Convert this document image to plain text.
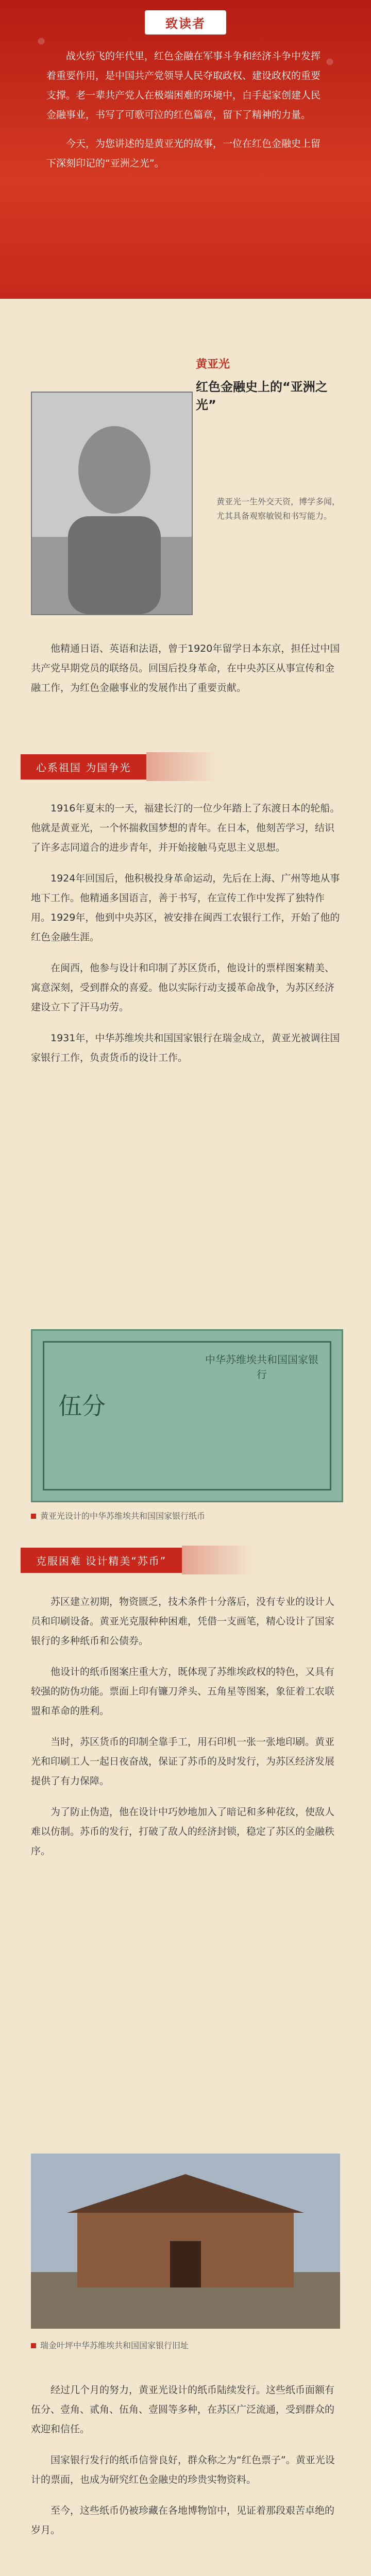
致读者

战火纷飞的年代里，红色金融在军事斗争和经济斗争中发挥着重要作用，是中国共产党领导人民夺取政权、建设政权的重要支撑。老一辈共产党人在极端困难的环境中，白手起家创建人民金融事业，书写了可歌可泣的红色篇章，留下了精神的力量。

今天，为您讲述的是黄亚光的故事，一位在红色金融史上留下深刻印记的“亚洲之光”。

黄亚光
红色金融史上的“亚洲之光”
黄亚光一生外交天资，博学多闻，尤其具备观察敏锐和书写能力。

他精通日语、英语和法语，曾于1920年留学日本东京，担任过中国共产党早期党员的联络员。回国后投身革命，在中央苏区从事宣传和金融工作，为红色金融事业的发展作出了重要贡献。

心系祖国 为国争光

1916年夏末的一天，福建长汀的一位少年踏上了东渡日本的轮船。他就是黄亚光，一个怀揣救国梦想的青年。在日本，他刻苦学习，结识了许多志同道合的进步青年，并开始接触马克思主义思想。

1924年回国后，他积极投身革命运动，先后在上海、广州等地从事地下工作。他精通多国语言，善于书写，在宣传工作中发挥了独特作用。1929年，他到中央苏区，被安排在闽西工农银行工作，开始了他的红色金融生涯。

在闽西，他参与设计和印制了苏区货币，他设计的票样图案精美、寓意深刻，受到群众的喜爱。他以实际行动支援革命战争，为苏区经济建设立下了汗马功劳。

1931年，中华苏维埃共和国国家银行在瑞金成立，黄亚光被调往国家银行工作，负责货币的设计工作。

伍分
中华苏维埃共和国国家银行
黄亚光设计的中华苏维埃共和国国家银行纸币
克服困难 设计精美“苏币”

苏区建立初期，物资匮乏，技术条件十分落后，没有专业的设计人员和印刷设备。黄亚光克服种种困难，凭借一支画笔，精心设计了国家银行的多种纸币和公债券。

他设计的纸币图案庄重大方，既体现了苏维埃政权的特色，又具有较强的防伪功能。票面上印有镰刀斧头、五角星等图案，象征着工农联盟和革命的胜利。

当时，苏区货币的印制全靠手工，用石印机一张一张地印刷。黄亚光和印刷工人一起日夜奋战，保证了苏币的及时发行，为苏区经济发展提供了有力保障。

为了防止伪造，他在设计中巧妙地加入了暗记和多种花纹，使敌人难以仿制。苏币的发行，打破了敌人的经济封锁，稳定了苏区的金融秩序。

瑞金叶坪中华苏维埃共和国国家银行旧址

经过几个月的努力，黄亚光设计的纸币陆续发行。这些纸币面额有伍分、壹角、贰角、伍角、壹圆等多种，在苏区广泛流通，受到群众的欢迎和信任。

国家银行发行的纸币信誉良好，群众称之为“红色票子”。黄亚光设计的票面，也成为研究红色金融史的珍贵实物资料。

至今，这些纸币仍被珍藏在各地博物馆中，见证着那段艰苦卓绝的岁月。
